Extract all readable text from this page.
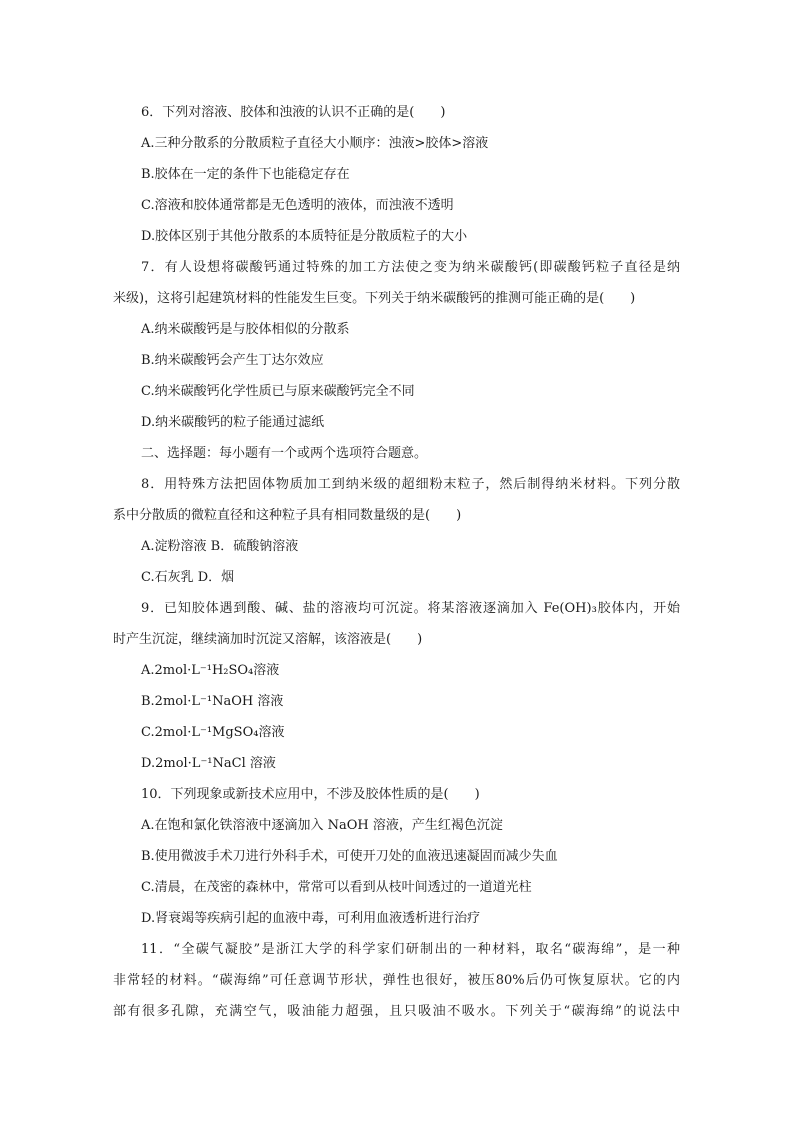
6．下列对溶液、胶体和浊液的认识不正确的是(　　)
A.三种分散系的分散质粒子直径大小顺序：浊液>胶体>溶液
B.胶体在一定的条件下也能稳定存在
C.溶液和胶体通常都是无色透明的液体，而浊液不透明
D.胶体区别于其他分散系的本质特征是分散质粒子的大小
7．有人设想将碳酸钙通过特殊的加工方法使之变为纳米碳酸钙(即碳酸钙粒子直径是纳
米级)，这将引起建筑材料的性能发生巨变。下列关于纳米碳酸钙的推测可能正确的是(　　)
A.纳米碳酸钙是与胶体相似的分散系
B.纳米碳酸钙会产生丁达尔效应
C.纳米碳酸钙化学性质已与原来碳酸钙完全不同
D.纳米碳酸钙的粒子能通过滤纸
二、选择题：每小题有一个或两个选项符合题意。
8．用特殊方法把固体物质加工到纳米级的超细粉末粒子，然后制得纳米材料。下列分散
系中分散质的微粒直径和这种粒子具有相同数量级的是(　　)
A.淀粉溶液 B．硫酸钠溶液
C.石灰乳 D．烟
9．已知胶体遇到酸、碱、盐的溶液均可沉淀。将某溶液逐滴加入 Fe(OH)₃胶体内，开始
时产生沉淀，继续滴加时沉淀又溶解，该溶液是(　　)
A.2mol·L⁻¹H₂SO₄溶液
B.2mol·L⁻¹NaOH 溶液
C.2mol·L⁻¹MgSO₄溶液
D.2mol·L⁻¹NaCl 溶液
10．下列现象或新技术应用中，不涉及胶体性质的是(　　)
A.在饱和氯化铁溶液中逐滴加入 NaOH 溶液，产生红褐色沉淀
B.使用微波手术刀进行外科手术，可使开刀处的血液迅速凝固而减少失血
C.清晨，在茂密的森林中，常常可以看到从枝叶间透过的一道道光柱
D.肾衰竭等疾病引起的血液中毒，可利用血液透析进行治疗
11．“全碳气凝胶”是浙江大学的科学家们研制出的一种材料，取名“碳海绵”，是一种
非常轻的材料。“碳海绵”可任意调节形状，弹性也很好，被压80%后仍可恢复原状。它的内
部有很多孔隙，充满空气，吸油能力超强，且只吸油不吸水。下列关于“碳海绵”的说法中
